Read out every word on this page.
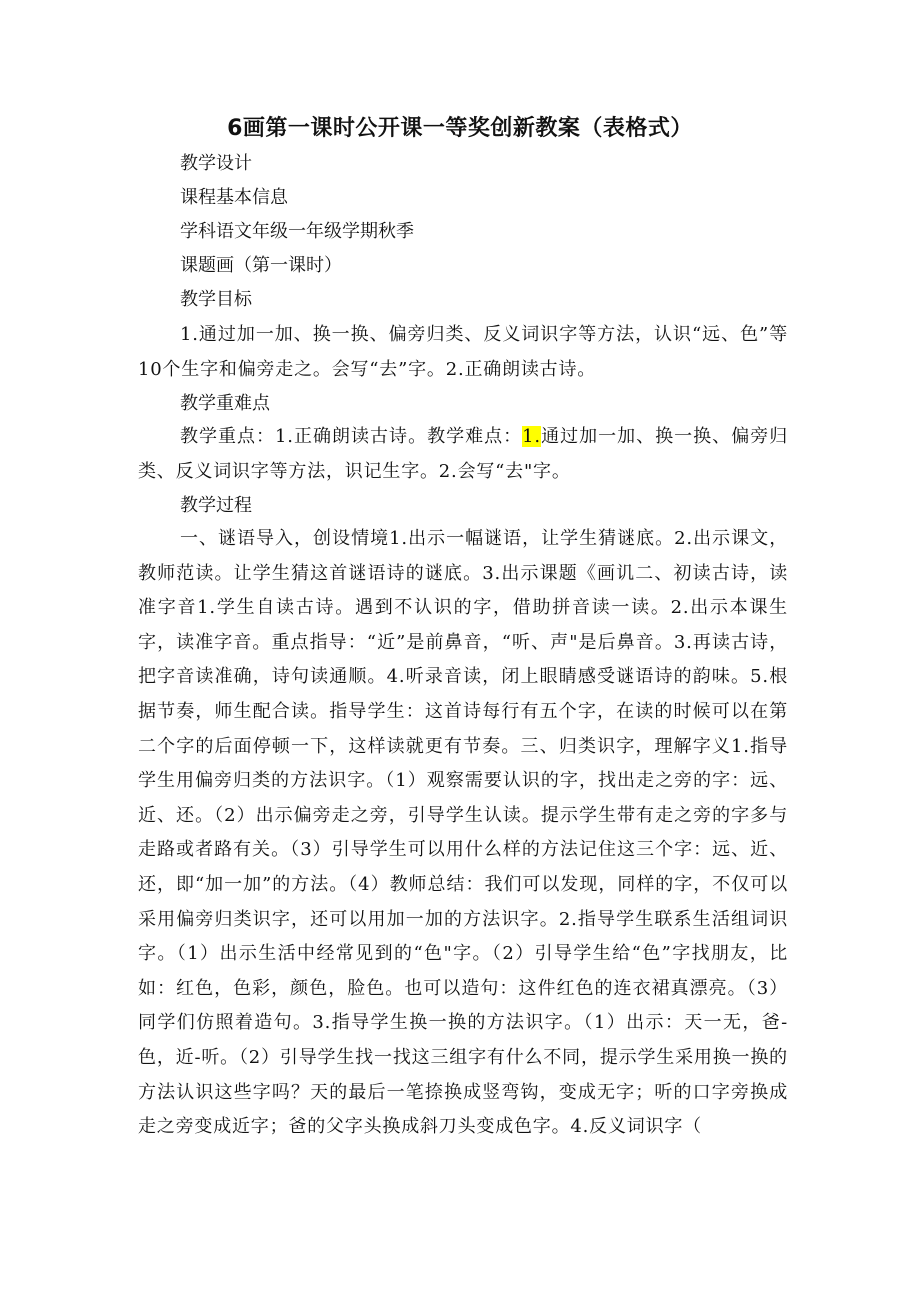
6画第一课时公开课一等奖创新教案（表格式）
教学设计
课程基本信息
学科语文年级一年级学期秋季
课题画（第一课时）
教学目标
1.通过加一加、换一换、偏旁归类、反义词识字等方法，认识“远、色”等10个生字和偏旁走之。会写“去”字。2.正确朗读古诗。
教学重难点
教学重点：1.正确朗读古诗。教学难点：1.通过加一加、换一换、偏旁归类、反义词识字等方法，识记生字。2.会写“去"字。
教学过程
一、谜语导入，创设情境1.出示一幅谜语，让学生猜谜底。2.出示课文，教师范读。让学生猜这首谜语诗的谜底。3.出示课题《画讥二、初读古诗，读准字音1.学生自读古诗。遇到不认识的字，借助拼音读一读。2.出示本课生字，读准字音。重点指导：“近”是前鼻音，“听、声"是后鼻音。3.再读古诗，把字音读准确，诗句读通顺。4.听录音读，闭上眼睛感受谜语诗的韵味。5.根据节奏，师生配合读。指导学生：这首诗每行有五个字，在读的时候可以在第二个字的后面停顿一下，这样读就更有节奏。三、归类识字，理解字义1.指导学生用偏旁归类的方法识字。（1）观察需要认识的字，找出走之旁的字：远、近、还。（2）出示偏旁走之旁，引导学生认读。提示学生带有走之旁的字多与走路或者路有关。（3）引导学生可以用什么样的方法记住这三个字：远、近、还，即“加一加”的方法。（4）教师总结：我们可以发现，同样的字，不仅可以采用偏旁归类识字，还可以用加一加的方法识字。2.指导学生联系生活组词识字。（1）出示生活中经常见到的“色"字。（2）引导学生给“色”字找朋友，比如：红色，色彩，颜色，脸色。也可以造句：这件红色的连衣裙真漂亮。（3）同学们仿照着造句。3.指导学生换一换的方法识字。（1）出示：天一无，爸-色，近-听。（2）引导学生找一找这三组字有什么不同，提示学生采用换一换的方法认识这些字吗？天的最后一笔捺换成竖弯钩，变成无字；听的口字旁换成走之旁变成近字；爸的父字头换成斜刀头变成色字。4.反义词识字（
